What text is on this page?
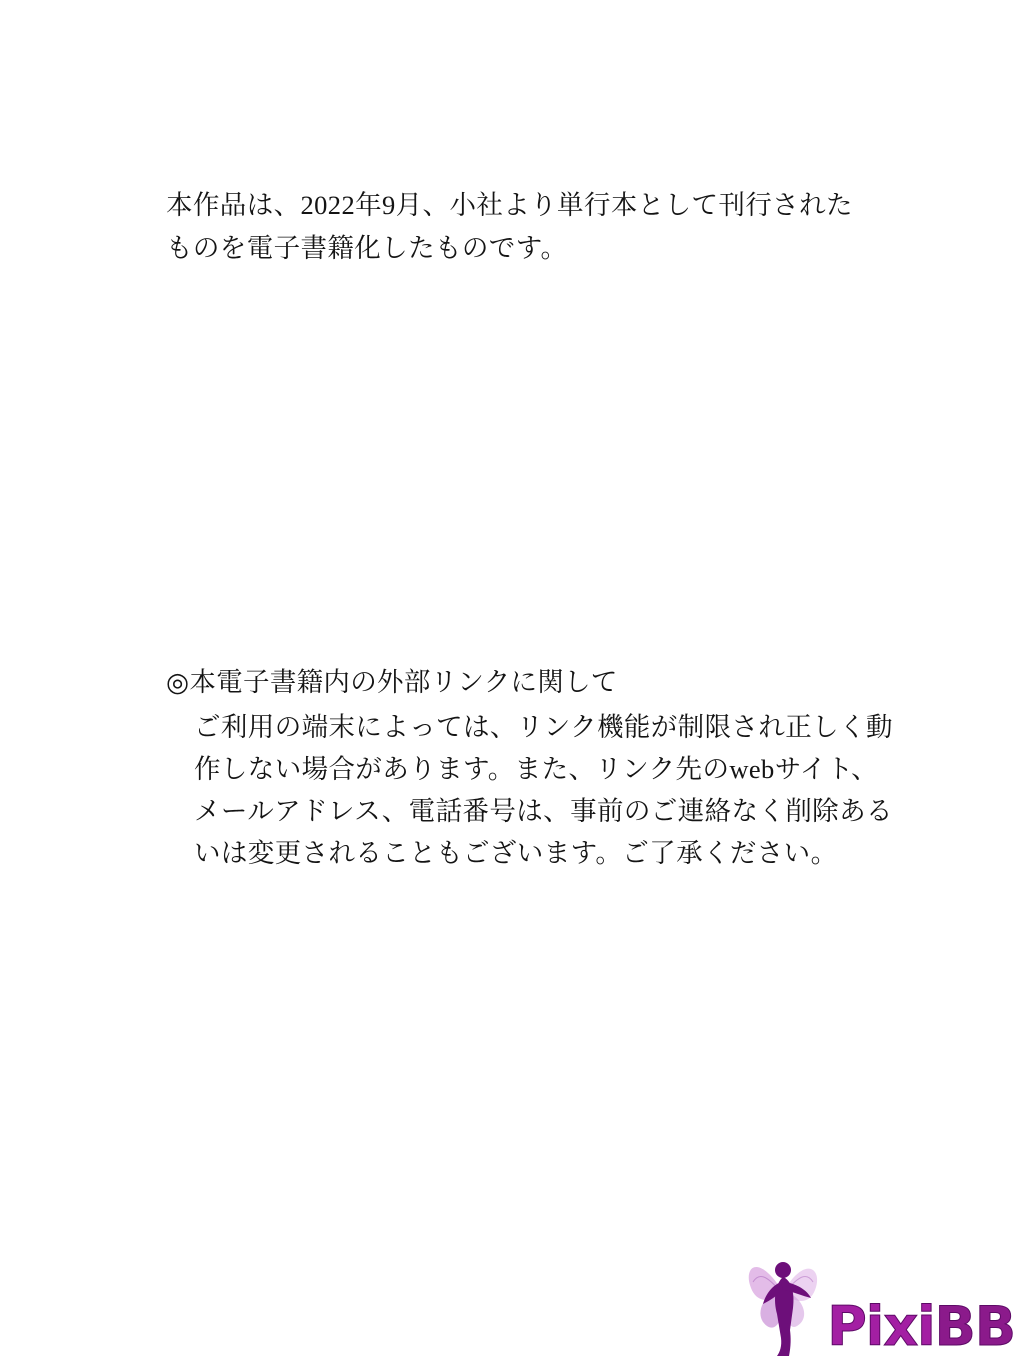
本作品は、2022年9月、小社より単行本として刊行された
ものを電子書籍化したものです。
◎本電子書籍内の外部リンクに関して
ご利用の端末によっては、リンク機能が制限され正しく動
作しない場合があります。また、リンク先のwebサイト、
メールアドレス、電話番号は、事前のご連絡なく削除ある
いは変更されることもございます。ご了承ください。
PixiBB
